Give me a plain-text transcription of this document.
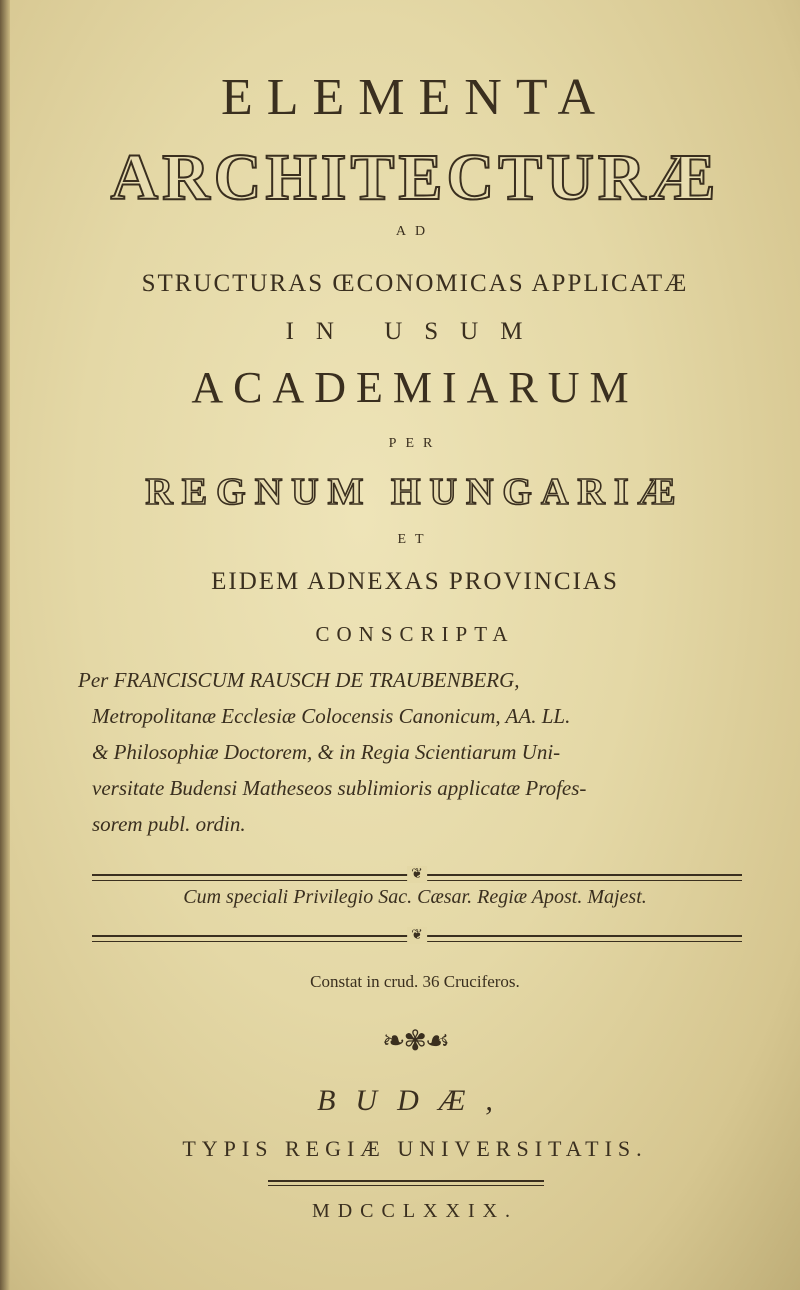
ELEMENTA
ARCHITECTURÆ
AD
STRUCTURAS ŒCONOMICAS APPLICATÆ
IN USUM
ACADEMIARUM
PER
REGNUM HUNGARIÆ
ET
EIDEM ADNEXAS PROVINCIAS
CONSCRIPTA
Per FRANCISCUM RAUSCH DE TRAUBENBERG,
Metropolitanæ Ecclesiæ Colocensis Canonicum, AA. LL.
& Philosophiæ Doctorem, & in Regia Scientiarum Uni-
versitate Budensi Matheseos sublimioris applicatæ Profes-
sorem publ. ordin.
❦
Cum speciali Privilegio Sac. Cæsar. Regiæ Apost. Majest.
❦
Constat in crud. 36 Cruciferos.
❧✾☙
BUDÆ,
TYPIS REGIÆ UNIVERSITATIS.
MDCCLXXIX.
